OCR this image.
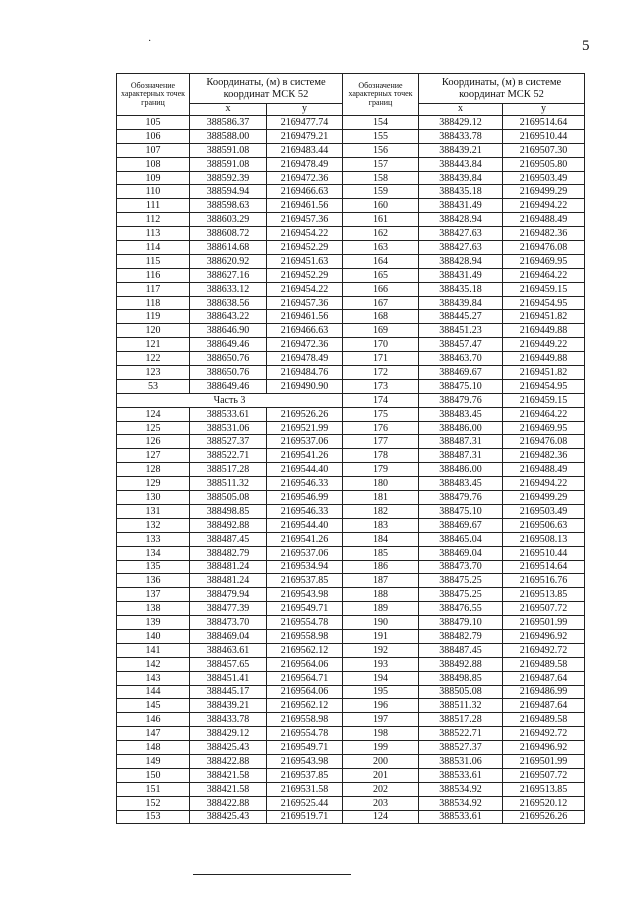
·	5
Обозначение характерных точек границ	Координаты, (м) в системе координат МСК 52		Обозначение характерных точек границ	Координаты, (м) в системе координат МСК 52	
	x	y		x	y
105	388586.37	2169477.74	154	388429.12	2169514.64
106	388588.00	2169479.21	155	388433.78	2169510.44
107	388591.08	2169483.44	156	388439.21	2169507.30
108	388591.08	2169478.49	157	388443.84	2169505.80
109	388592.39	2169472.36	158	388439.84	2169503.49
110	388594.94	2169466.63	159	388435.18	2169499.29
111	388598.63	2169461.56	160	388431.49	2169494.22
112	388603.29	2169457.36	161	388428.94	2169488.49
113	388608.72	2169454.22	162	388427.63	2169482.36
114	388614.68	2169452.29	163	388427.63	2169476.08
115	388620.92	2169451.63	164	388428.94	2169469.95
116	388627.16	2169452.29	165	388431.49	2169464.22
117	388633.12	2169454.22	166	388435.18	2169459.15
118	388638.56	2169457.36	167	388439.84	2169454.95
119	388643.22	2169461.56	168	388445.27	2169451.82
120	388646.90	2169466.63	169	388451.23	2169449.88
121	388649.46	2169472.36	170	388457.47	2169449.22
122	388650.76	2169478.49	171	388463.70	2169449.88
123	388650.76	2169484.76	172	388469.67	2169451.82
53	388649.46	2169490.90	173	388475.10	2169454.95
Часть 3			174	388479.76	2169459.15
124	388533.61	2169526.26	175	388483.45	2169464.22
125	388531.06	2169521.99	176	388486.00	2169469.95
126	388527.37	2169537.06	177	388487.31	2169476.08
127	388522.71	2169541.26	178	388487.31	2169482.36
128	388517.28	2169544.40	179	388486.00	2169488.49
129	388511.32	2169546.33	180	388483.45	2169494.22
130	388505.08	2169546.99	181	388479.76	2169499.29
131	388498.85	2169546.33	182	388475.10	2169503.49
132	388492.88	2169544.40	183	388469.67	2169506.63
133	388487.45	2169541.26	184	388465.04	2169508.13
134	388482.79	2169537.06	185	388469.04	2169510.44
135	388481.24	2169534.94	186	388473.70	2169514.64
136	388481.24	2169537.85	187	388475.25	2169516.76
137	388479.94	2169543.98	188	388475.25	2169513.85
138	388477.39	2169549.71	189	388476.55	2169507.72
139	388473.70	2169554.78	190	388479.10	2169501.99
140	388469.04	2169558.98	191	388482.79	2169496.92
141	388463.61	2169562.12	192	388487.45	2169492.72
142	388457.65	2169564.06	193	388492.88	2169489.58
143	388451.41	2169564.71	194	388498.85	2169487.64
144	388445.17	2169564.06	195	388505.08	2169486.99
145	388439.21	2169562.12	196	388511.32	2169487.64
146	388433.78	2169558.98	197	388517.28	2169489.58
147	388429.12	2169554.78	198	388522.71	2169492.72
148	388425.43	2169549.71	199	388527.37	2169496.92
149	388422.88	2169543.98	200	388531.06	2169501.99
150	388421.58	2169537.85	201	388533.61	2169507.72
151	388421.58	2169531.58	202	388534.92	2169513.85
152	388422.88	2169525.44	203	388534.92	2169520.12
153	388425.43	2169519.71	124	388533.61	2169526.26
